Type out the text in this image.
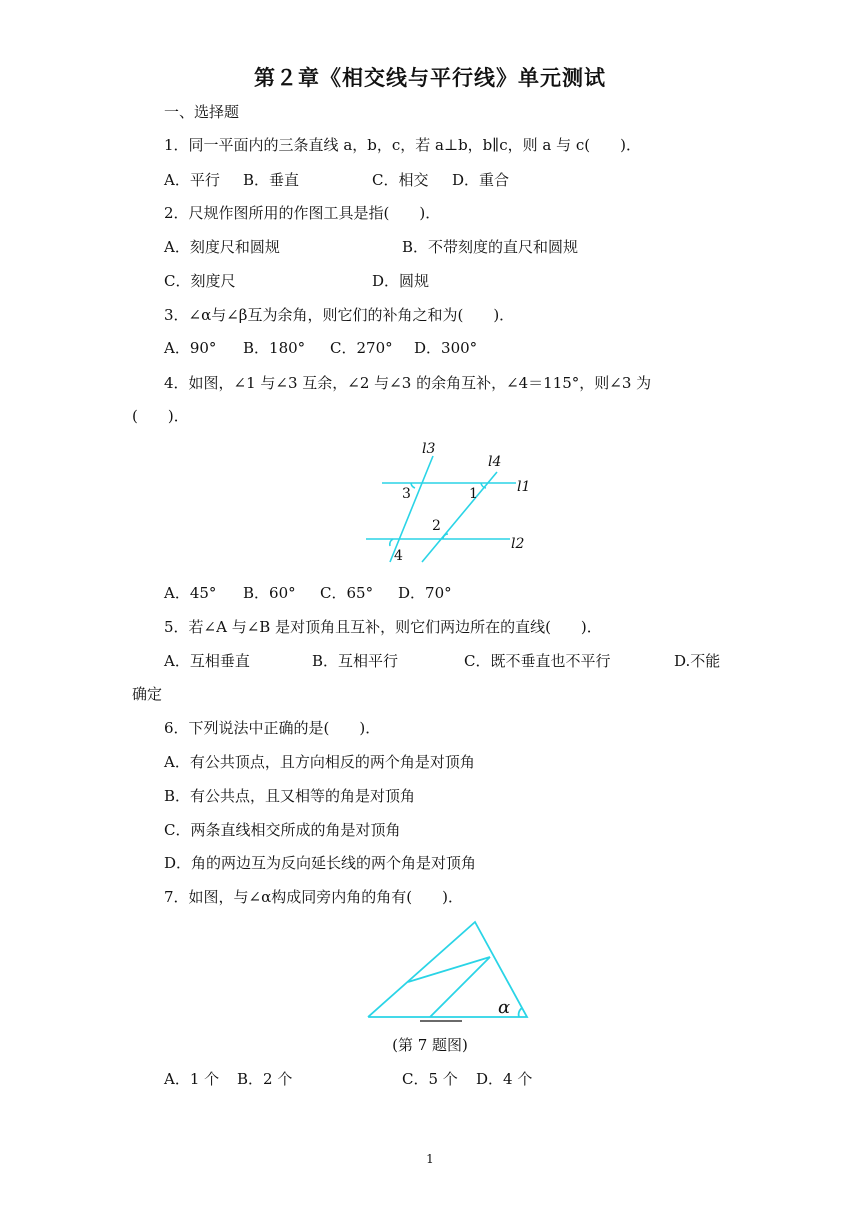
第２章《相交线与平行线》单元测试
一、选择题
1．同一平面内的三条直线 a，b，c，若 a⊥b，b∥c，则 a 与 c(　　)．
A．平行 B．垂直	C．相交 D．重合
2．尺规作图所用的作图工具是指(　　)．
A．刻度尺和圆规	B．不带刻度的直尺和圆规
C．刻度尺	D．圆规
3．∠α与∠β互为余角，则它们的补角之和为(　　)．
A．90° B．180° C．270° D．300°
4．如图，∠1 与∠3 互余，∠2 与∠3 的余角互补，∠4＝115°，则∠3 为
(　　)．
l3
l4
l1
l2
3	1
2
4
A．45° B．60° C．65° D．70°
5．若∠A 与∠B 是对顶角且互补，则它们两边所在的直线(　　)．
A．互相垂直	B．互相平行	C．既不垂直也不平行	D.不能
确定
6．下列说法中正确的是(　　)．
A．有公共顶点，且方向相反的两个角是对顶角
B．有公共点，且又相等的角是对顶角
C．两条直线相交所成的角是对顶角
D．角的两边互为反向延长线的两个角是对顶角
7．如图，与∠α构成同旁内角的角有(　　)．
α
(第 7 题图)
A．1 个 B．2 个	C．5 个 D．4 个
1
